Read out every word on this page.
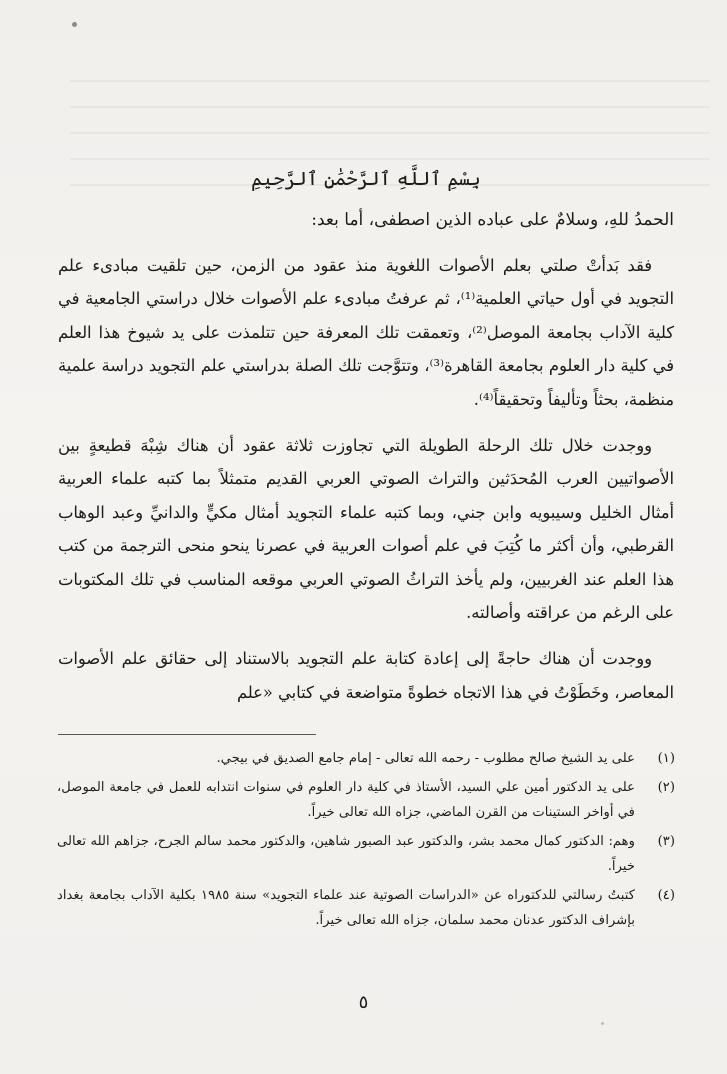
بِسْمِ ٱللَّهِ ٱلرَّحْمَٰنِ ٱلرَّحِيمِ

الحمدُ للهِ، وسلامٌ على عباده الذين اصطفى، أما بعد:

فقد بَدأتْ صلتي بعلم الأصوات اللغوية منذ عقود من الزمن، حين تلقيت مبادىء علم التجويد في أول حياتي العلمية⁽¹⁾، ثم عرفتُ مبادىء علم الأصوات خلال دراستي الجامعية في كلية الآداب بجامعة الموصل⁽²⁾، وتعمقت تلك المعرفة حين تتلمذت على يد شيوخ هذا العلم في كلية دار العلوم بجامعة القاهرة⁽³⁾، وتتوَّجت تلك الصلة بدراستي علم التجويد دراسة علمية منظمة، بحثاً وتأليفاً وتحقيقاً⁽⁴⁾.

ووجدت خلال تلك الرحلة الطويلة التي تجاوزت ثلاثة عقود أن هناك شِبْهَ قطيعةٍ بين الأصواتيين العرب المُحدَثين والتراث الصوتي العربي القديم متمثلاً بما كتبه علماء العربية أمثال الخليل وسيبويه وابن جني، وبما كتبه علماء التجويد أمثال مكيٍّ والدانيِّ وعبد الوهاب القرطبي، وأن أكثر ما كُتِبَ في علم أصوات العربية في عصرنا ينحو منحى الترجمة من كتب هذا العلم عند الغربيين، ولم يأخذ التراثُ الصوتي العربي موقعه المناسب في تلك المكتوبات على الرغم من عراقته وأصالته.

ووجدت أن هناك حاجةً إلى إعادة كتابة علم التجويد بالاستناد إلى حقائق علم الأصوات المعاصر، وخَطَوْتُ في هذا الاتجاه خطوةً متواضعة في كتابي «علم

(١)
على يد الشيخ صالح مطلوب - رحمه الله تعالى - إمام جامع الصديق في بيجي.
(٢)
على يد الدكتور أمين علي السيد، الأستاذ في كلية دار العلوم في سنوات انتدابه للعمل في جامعة الموصل، في أواخر الستينات من القرن الماضي، جزاه الله تعالى خيراً.
(٣)
وهم: الدكتور كمال محمد بشر، والدكتور عبد الصبور شاهين، والدكتور محمد سالم الجرح، جزاهم الله تعالى خيراً.
(٤)
كتبتُ رسالتي للدكتوراه عن «الدراسات الصوتية عند علماء التجويد» سنة ١٩٨٥ بكلية الآداب بجامعة بغداد بإشراف الدكتور عدنان محمد سلمان، جزاه الله تعالى خيراً.
٥
